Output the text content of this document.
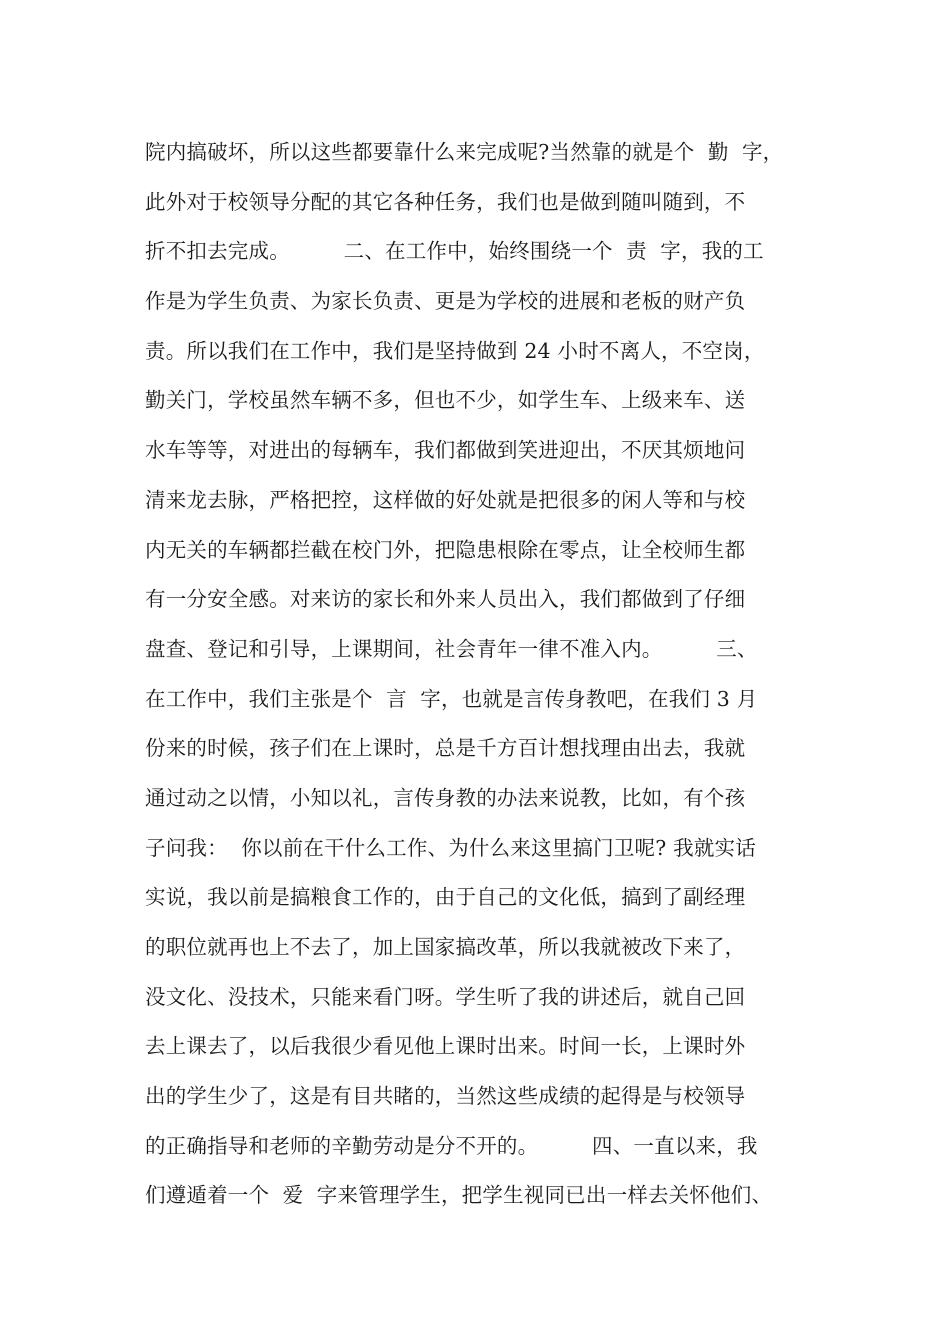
院内搞破坏，所以这些都要靠什么来完成呢?当然靠的就是个  勤  字，
此外对于校领导分配的其它各种任务，我们也是做到随叫随到，不
折不扣去完成。        二、在工作中，始终围绕一个  责  字，我的工
作是为学生负责、为家长负责、更是为学校的进展和老板的财产负
责。所以我们在工作中，我们是坚持做到 24 小时不离人，不空岗，
勤关门，学校虽然车辆不多，但也不少，如学生车、上级来车、送
水车等等，对进出的每辆车，我们都做到笑进迎出，不厌其烦地问
清来龙去脉，严格把控，这样做的好处就是把很多的闲人等和与校
内无关的车辆都拦截在校门外，把隐患根除在零点，让全校师生都
有一分安全感。对来访的家长和外来人员出入，我们都做到了仔细
盘查、登记和引导，上课期间，社会青年一律不准入内。        三、
在工作中，我们主张是个  言  字，也就是言传身教吧，在我们 3 月
份来的时候，孩子们在上课时，总是千方百计想找理由出去，我就
通过动之以情，小知以礼，言传身教的办法来说教，比如，有个孩
子问我：  你以前在干什么工作、为什么来这里搞门卫呢? 我就实话
实说，我以前是搞粮食工作的，由于自己的文化低，搞到了副经理
的职位就再也上不去了，加上国家搞改革，所以我就被改下来了，
没文化、没技术，只能来看门呀。学生听了我的讲述后，就自己回
去上课去了，以后我很少看见他上课时出来。时间一长，上课时外
出的学生少了，这是有目共睹的，当然这些成绩的起得是与校领导
的正确指导和老师的辛勤劳动是分不开的。        四、一直以来，我
们遵遁着一个  爱  字来管理学生，把学生视同已出一样去关怀他们、
